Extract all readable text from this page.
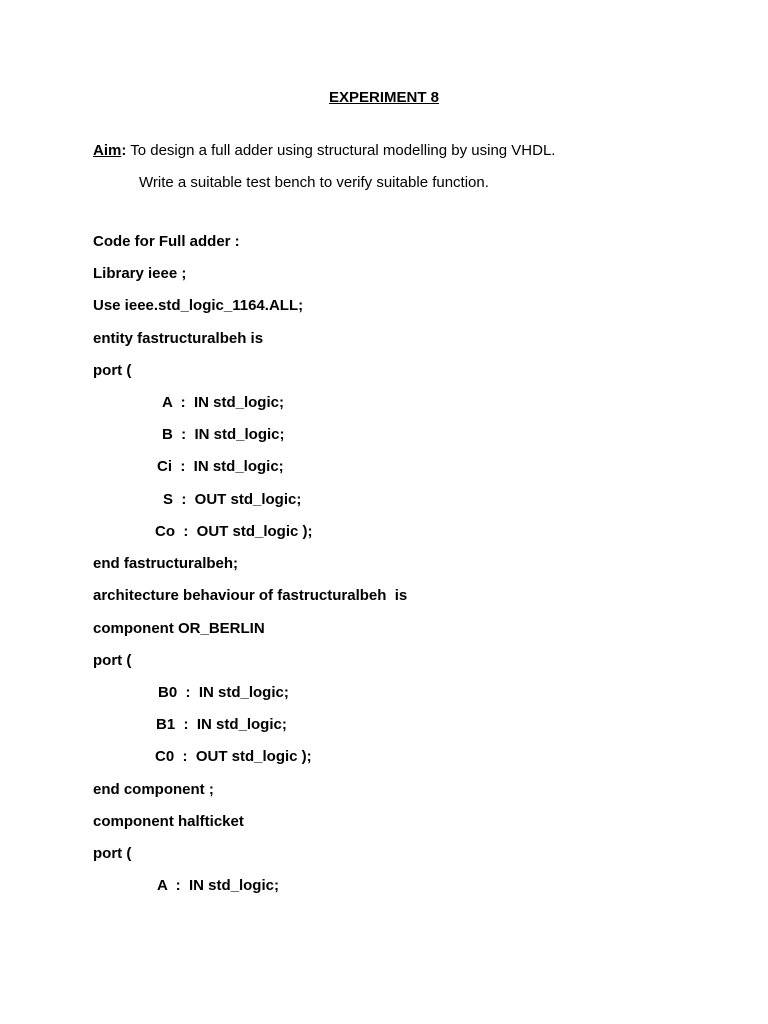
EXPERIMENT 8
Aim: To design a full adder using structural modelling by using VHDL.
Write a suitable test bench to verify suitable function.
Code for Full adder :
Library ieee ;
Use ieee.std_logic_1164.ALL;
entity fastructuralbeh is
port (
A  :  IN std_logic;
B  :  IN std_logic;
Ci  :  IN std_logic;
S  :  OUT std_logic;
Co  :  OUT std_logic );
end fastructuralbeh;
architecture behaviour of fastructuralbeh  is
component OR_BERLIN
port (
B0  :  IN std_logic;
B1  :  IN std_logic;
C0  :  OUT std_logic );
end component ;
component halfticket
port (
A  :  IN std_logic;
